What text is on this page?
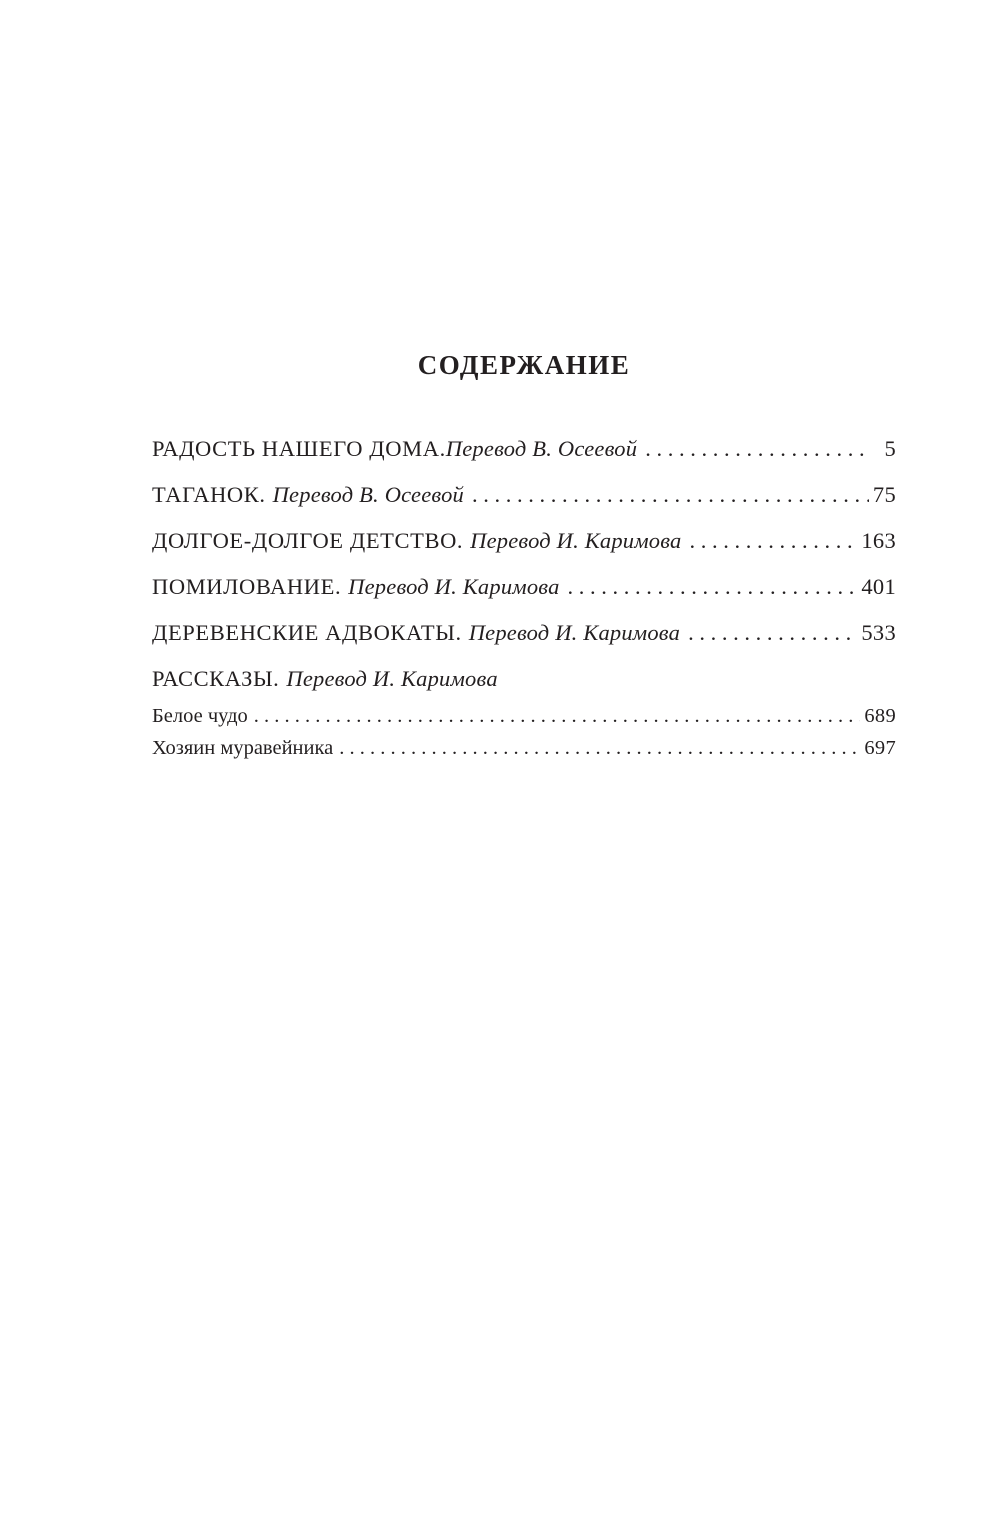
СОДЕРЖАНИЕ
РАДОСТЬ НАШЕГО ДОМА. Перевод В. Осеевой . . .	5
ТАГАНОК. Перевод В. Осеевой . . .	75
ДОЛГОЕ-ДОЛГОЕ ДЕТСТВО. Перевод И. Каримова . . .	163
ПОМИЛОВАНИЕ. Перевод И. Каримова . . .	401
ДЕРЕВЕНСКИЕ АДВОКАТЫ. Перевод И. Каримова . . .	533
РАССКАЗЫ. Перевод И. Каримова
Белое чудо . . .	689
Хозяин муравейника . . .	697
